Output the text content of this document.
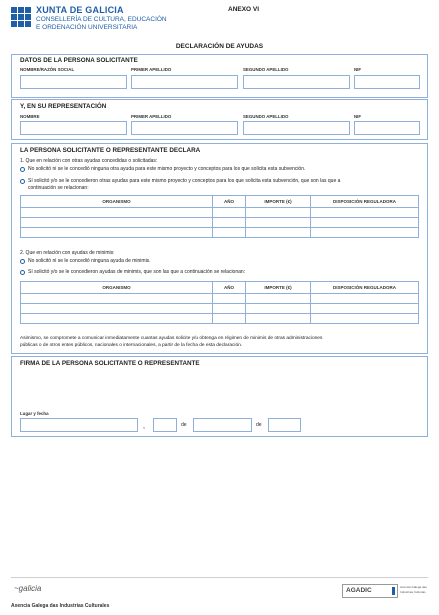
XUNTA DE GALICIA
CONSELLERÍA DE CULTURA, EDUCACIÓN
E ORDENACIÓN UNIVERSITARIA
ANEXO VI
DECLARACIÓN DE AYUDAS
DATOS DE LA PERSONA SOLICITANTE
NOMBRE/RAZÓN SOCIAL	PRIMER APELLIDO	SEGUNDO APELLIDO	NIF
Y, EN SU REPRESENTACIÓN
NOMBRE	PRIMER APELLIDO	SEGUNDO APELLIDO	NIF
LA PERSONA SOLICITANTE O REPRESENTANTE DECLARA
1. Que en relación con otras ayudas concedidas o solicitadas:
No solicitó ni se le concedió ninguna otra ayuda para este mismo proyecto y conceptos para los que solicita esta subvención.
Sí solicitó y/o se le concedieron otras ayudas para este mismo proyecto y conceptos para los que solicita esta subvención, que son las que a
continuación se relacionan:
ORGANISMO	AÑO	IMPORTE (€)	DISPOSICIÓN REGULADORA

2. Que en relación con ayudas de minimis:
No solicitó ni se le concedió ninguna ayuda de minimis.
Sí solicitó y/o se le concedieron ayudas de minimis, que son las que a continuación se relacionan:
ORGANISMO	AÑO	IMPORTE (€)	DISPOSICIÓN REGULADORA

Asimismo, se compromete a comunicar inmediatamente cuantas ayudas solicite y/u obtenga en régimen de minimis de otras administraciones
públicas o de otros entes públicos, nacionales o internacionales, a partir de la fecha de esta declaración.
FIRMA DE LA PERSONA SOLICITANTE O REPRESENTANTE
Lugar y fecha
,	de	de
~galicia	AGADIC	Axencia Galega das
Industrias Culturais
Axencia Galega das Industrias Culturales
